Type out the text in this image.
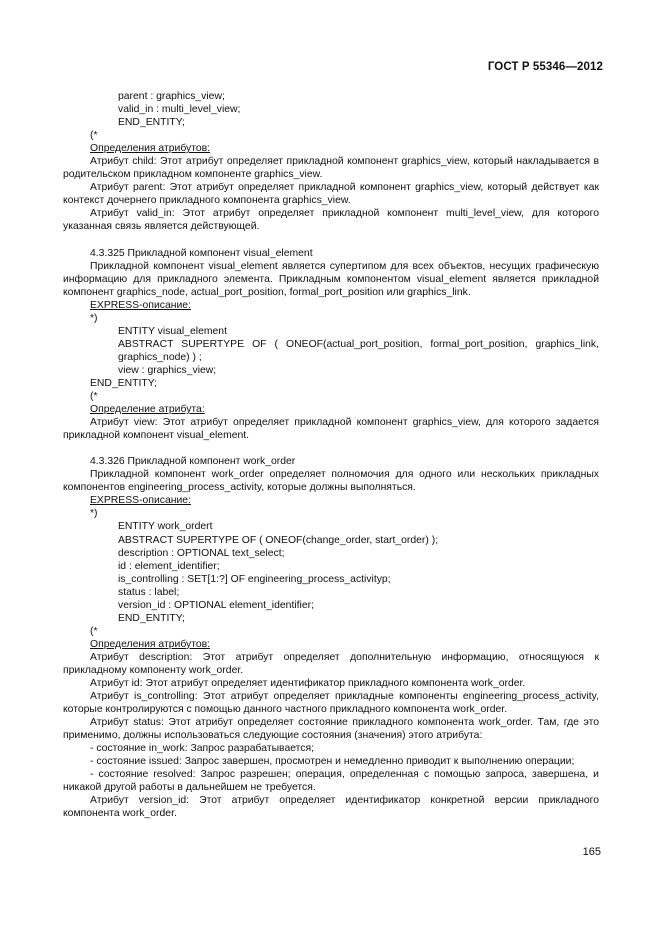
ГОСТ Р 55346—2012

parent : graphics_view;

valid_in : multi_level_view;

END_ENTITY;

(*

Определения атрибутов:

Атрибут child: Этот атрибут определяет прикладной компонент graphics_view, который накладывается в родительском прикладном компоненте graphics_view.

Атрибут parent: Этот атрибут определяет прикладной компонент graphics_view, который действует как контекст дочернего прикладного компонента graphics_view.

Атрибут valid_in: Этот атрибут определяет прикладной компонент multi_level_view, для которого указанная связь является действующей.

4.3.325 Прикладной компонент visual_element

Прикладной компонент visual_element является супертипом для всех объектов, несущих графическую информацию для прикладного элемента. Прикладным компонентом visual_element является прикладной компонент graphics_node, actual_port_position, formal_port_position или graphics_link.

EXPRESS-описание:

*)

ENTITY visual_element

ABSTRACT SUPERTYPE OF ( ONEOF(actual_port_position, formal_port_position, graphics_link, graphics_node) ) ;

view : graphics_view;

END_ENTITY;

(*

Определение атрибута:

Атрибут view: Этот атрибут определяет прикладной компонент graphics_view, для которого задается прикладной компонент visual_element.

4.3.326 Прикладной компонент work_order

Прикладной компонент work_order определяет полномочия для одного или нескольких прикладных компонентов engineering_process_activity, которые должны выполняться.

EXPRESS-описание:

*)

ENTITY work_ordert

ABSTRACT SUPERTYPE OF ( ONEOF(change_order, start_order) );

description : OPTIONAL text_select;

id : element_identifier;

is_controlling : SET[1:?] OF engineering_process_activityp;

status : label;

version_id : OPTIONAL element_identifier;

END_ENTITY;

(*

Определения атрибутов:

Атрибут description: Этот атрибут определяет дополнительную информацию, относящуюся к прикладному компоненту work_order.

Атрибут id: Этот атрибут определяет идентификатор прикладного компонента work_order.

Атрибут is_controlling: Этот атрибут определяет прикладные компоненты engineering_process_activity, которые контролируются с помощью данного частного прикладного компонента work_order.

Атрибут status: Этот атрибут определяет состояние прикладного компонента work_order. Там, где это применимо, должны использоваться следующие состояния (значения) этого атрибута:

- состояние in_work: Запрос разрабатывается;

- состояние issued: Запрос завершен, просмотрен и немедленно приводит к выполнению операции;

- состояние resolved: Запрос разрешен; операция, определенная с помощью запроса, завершена, и никакой другой работы в дальнейшем не требуется.

Атрибут version_id: Этот атрибут определяет идентификатор конкретной версии прикладного компонента work_order.

165
